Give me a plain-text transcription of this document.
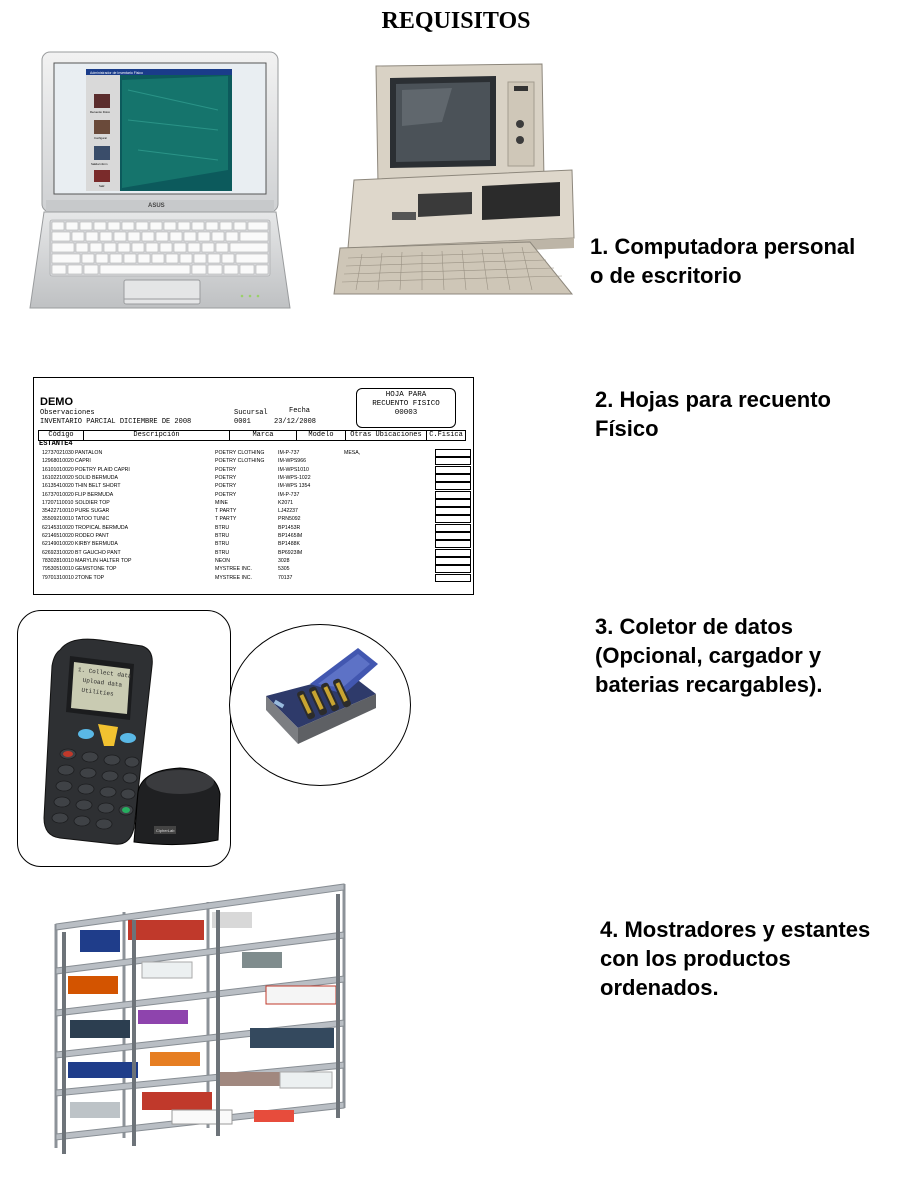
REQUISITOS
Administrador de Inventario Fisico
Recuento Fisico
Configurar
Salida Inform
Salir
ASUS
1. Computadora personal
o de escritorio
DEMO
Observaciones
INVENTARIO PARCIAL DICIEMBRE DE 2008
Sucursal
0001
Fecha
23/12/2008
HOJA PARA
RECUENTO FISICO
00003
Código	Descripción	Marca	Modelo	Otras Ubicaciones	C.Fisica
ESTANTE4
12737021030 PANTALON	POETRY CLOTHING	IM-P-737	MESA,
12968010020 CAPRI	POETRY CLOTHING	IM-WPS966
16101010020 POETRY PLAID CAPRI	POETRY	IM-WPS1010
16102210020 SOLID BERMUDA	POETRY	IM-WPS-1022
16135410020 THIN BELT SHORT	POETRY	IM-WPS 1354
16737010020 FLIP BERMUDA	POETRY	IM-P-737
17207110010 SOLDIER TOP	MINE	K2071
35422710010 PURE SUGAR	T PARTY	LJ42237
35509210010 TATOO TUNIC	T PARTY	PRN5092
62145310020 TROPICAL BERMUDA	BTRU	BP1453R
62146510020 RODEO PANT	BTRU	BP1465IM
62149010020 KIRBY BERMUDA	BTRU	BP1488K
62692310020 BT GAUCHO PANT	BTRU	BP6923IM
78302810010 MARYLIN HALTER TOP	NEON	3028
79530510010 GEMSTONE TOP	MYSTREE INC.	5305
79701310010 2TONE TOP	MYSTREE INC.	70137
2. Hojas para recuento
Físico
1. Collect data
Upload data
Utilities
CipherLab
3. Coletor de datos
(Opcional, cargador y
baterias recargables).
4. Mostradores y estantes
con los productos
ordenados.
